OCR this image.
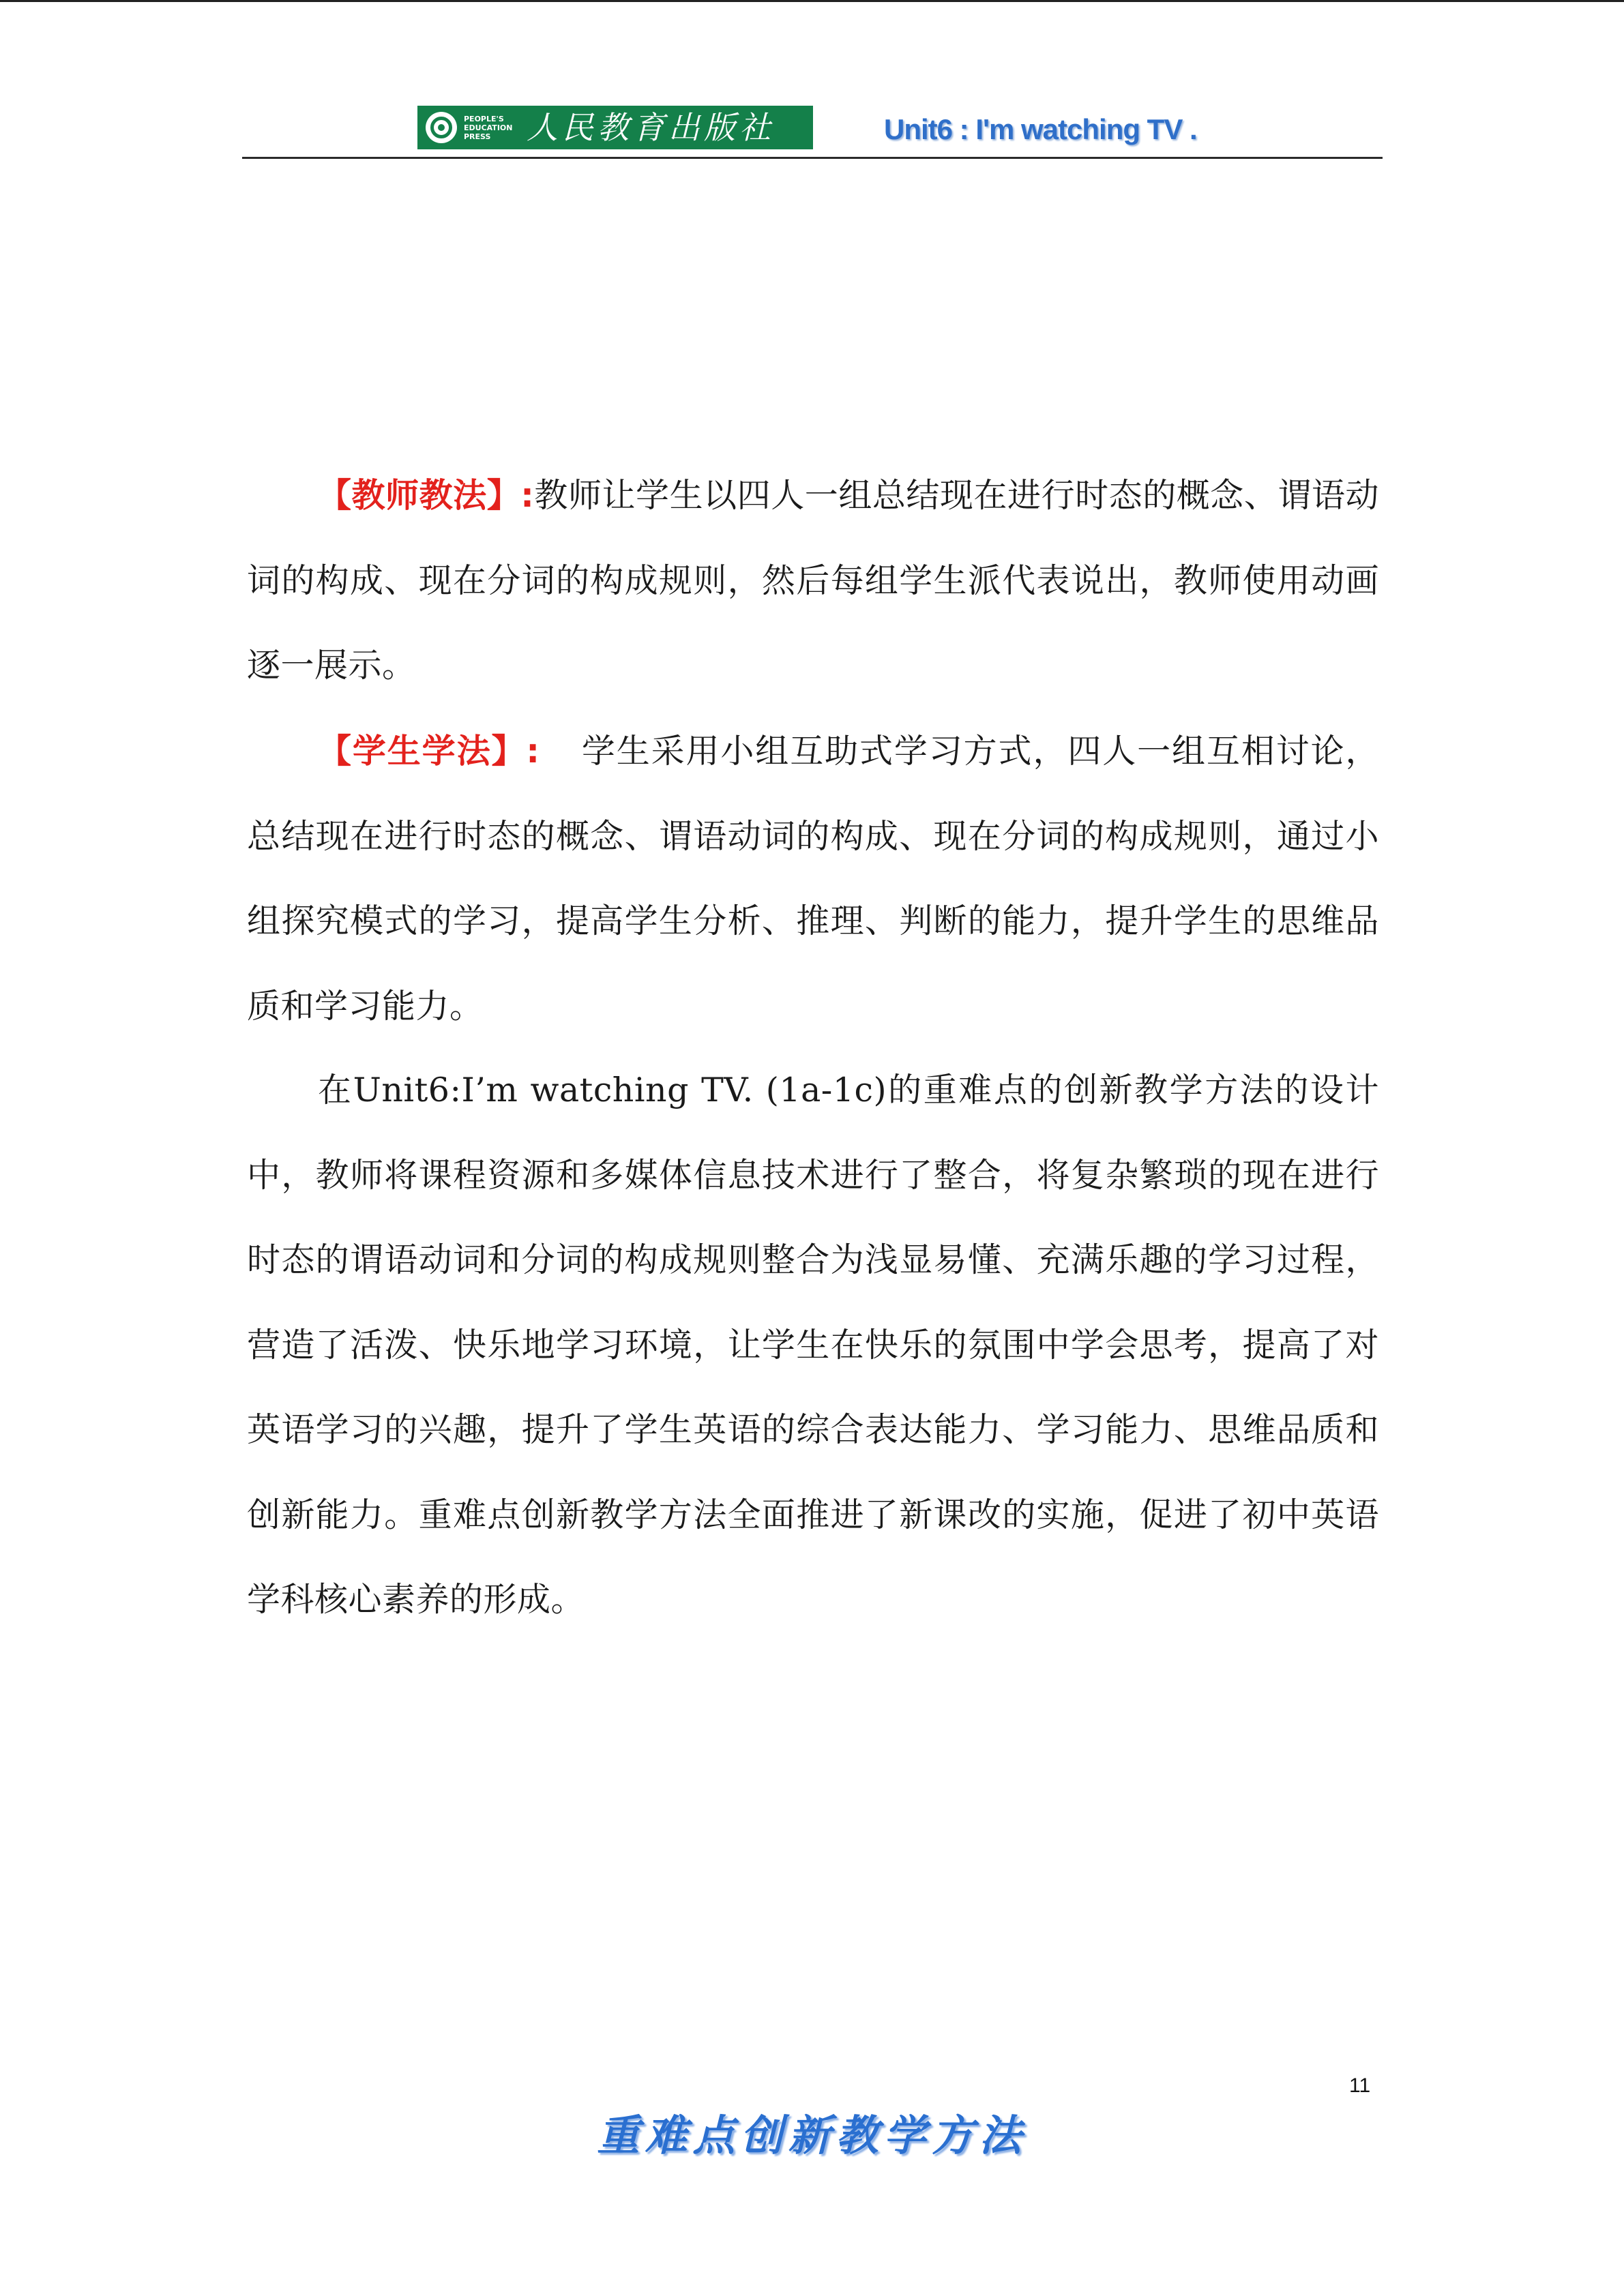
PEOPLE'S EDUCATION PRESS	人民教育出版社	Unit6 : I'm watching TV .

【教师教法】:教师让学生以四人一组总结现在进行时态的概念、谓语动词的构成、现在分词的构成规则，然后每组学生派代表说出，教师使用动画逐一展示。

【学生学法】: 学生采用小组互助式学习方式，四人一组互相讨论，总结现在进行时态的概念、谓语动词的构成、现在分词的构成规则，通过小组探究模式的学习，提高学生分析、推理、判断的能力，提升学生的思维品质和学习能力。

在Unit6:I’m watching TV. (1a-1c)的重难点的创新教学方法的设计中，教师将课程资源和多媒体信息技术进行了整合，将复杂繁琐的现在进行时态的谓语动词和分词的构成规则整合为浅显易懂、充满乐趣的学习过程，营造了活泼、快乐地学习环境，让学生在快乐的氛围中学会思考，提高了对英语学习的兴趣，提升了学生英语的综合表达能力、学习能力、思维品质和创新能力。重难点创新教学方法全面推进了新课改的实施，促进了初中英语学科核心素养的形成。

11
重难点创新教学方法
